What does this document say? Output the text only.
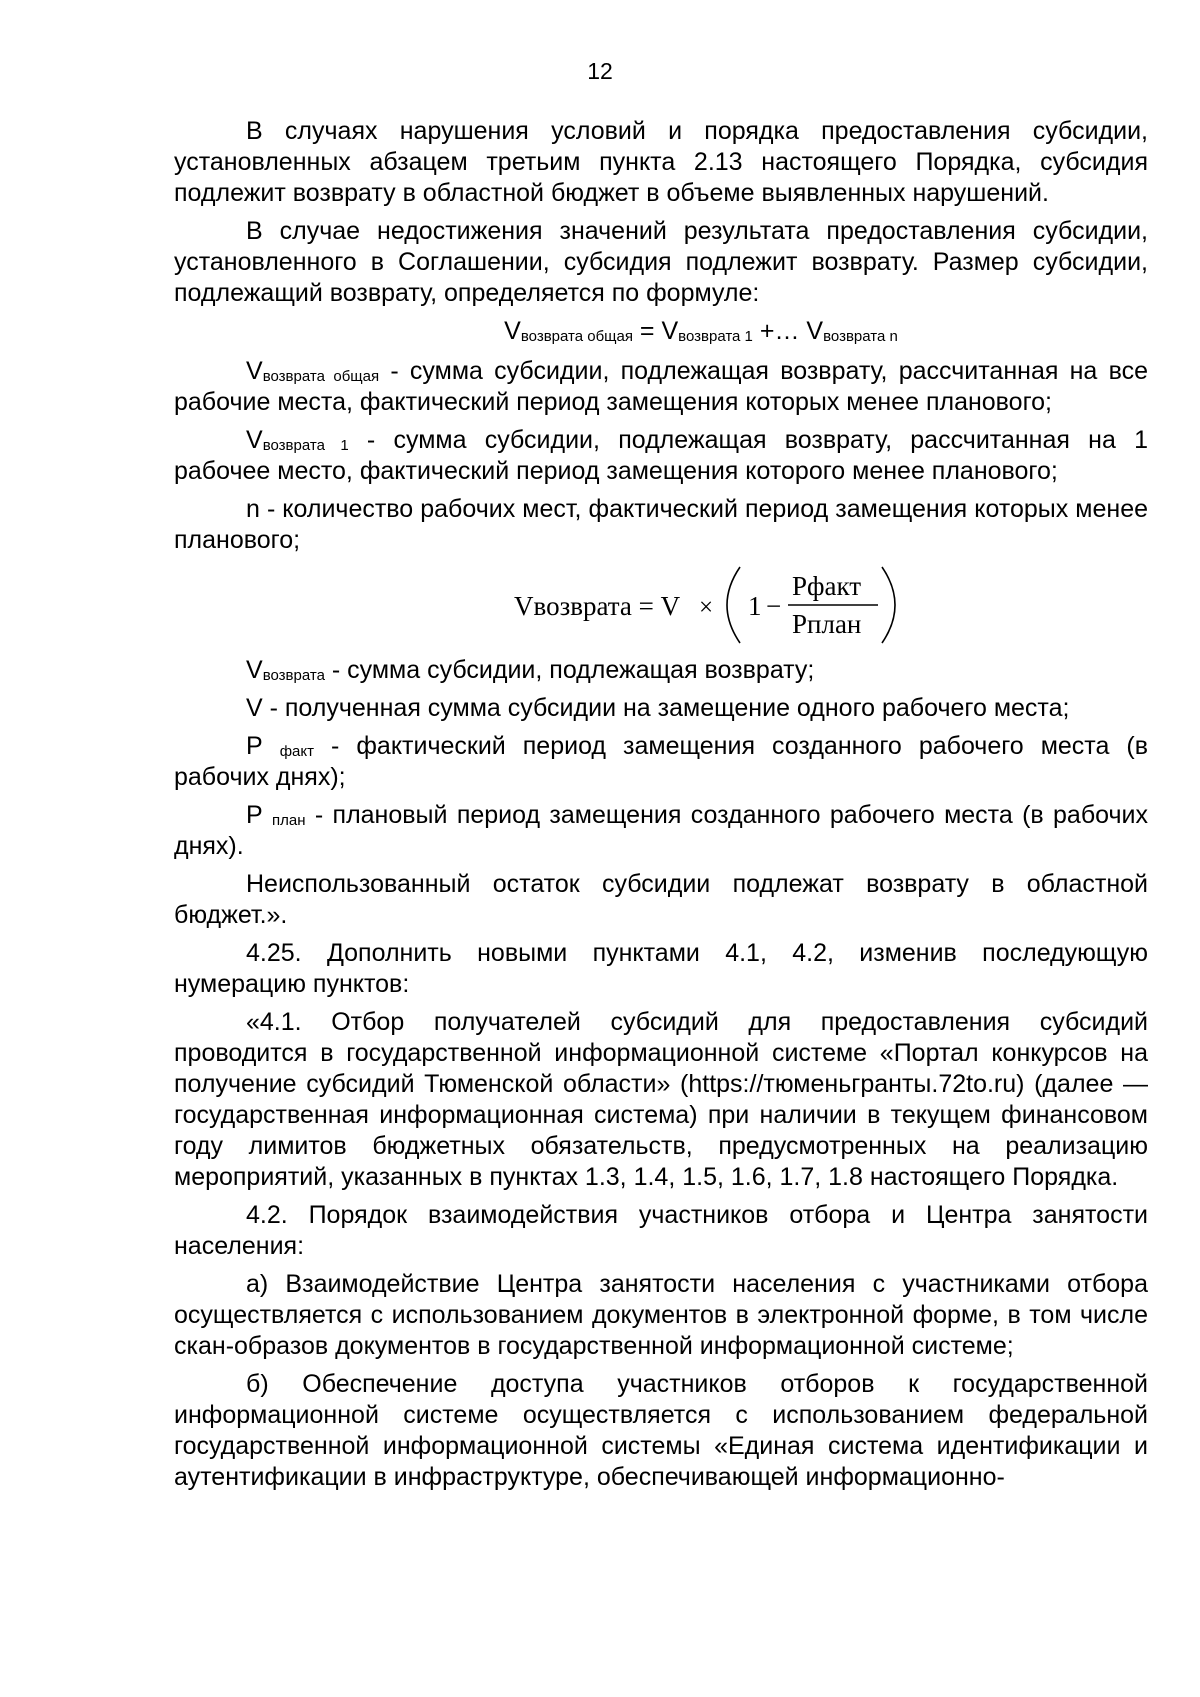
12

В случаях нарушения условий и порядка предоставления субсидии, установленных абзацем третьим пункта 2.13 настоящего Порядка, субсидия подлежит возврату в областной бюджет в объеме выявленных нарушений.

В случае недостижения значений результата предоставления субсидии, установленного в Соглашении, субсидия подлежит возврату. Размер субсидии, подлежащий возврату, определяется по формуле:

$V_{возврата общая} = V_{возврата 1}$ +… $V_{возврата n}$

$V_{возврата общая}$ - сумма субсидии, подлежащая возврату, рассчитанная на все рабочие места, фактический период замещения которых менее планового;

$V_{возврата 1}$ - сумма субсидии, подлежащая возврату, рассчитанная на 1 рабочее место, фактический период замещения которого менее планового;

n - количество рабочих мест, фактический период замещения которых менее планового;

Vвозврата = V × 1 −
Pфакт
Pплан

$V_{возврата}$ - сумма субсидии, подлежащая возврату;

V - полученная сумма субсидии на замещение одного рабочего места;

Р $_{факт}$ - фактический период замещения созданного рабочего места (в рабочих днях);

Р $_{план}$ - плановый период замещения созданного рабочего места (в рабочих днях).

Неиспользованный остаток субсидии подлежат возврату в областной бюджет.».

4.25. Дополнить новыми пунктами 4.1, 4.2, изменив последующую нумерацию пунктов:

«4.1. Отбор получателей субсидий для предоставления субсидий проводится в государственной информационной системе «Портал конкурсов на получение субсидий Тюменской области» (https://тюменьгранты.72to.ru) (далее — государственная информационная система) при наличии в текущем финансовом году лимитов бюджетных обязательств, предусмотренных на реализацию мероприятий, указанных в пунктах 1.3, 1.4, 1.5, 1.6, 1.7, 1.8 настоящего Порядка.

4.2. Порядок взаимодействия участников отбора и Центра занятости населения:

а) Взаимодействие Центра занятости населения с участниками отбора осуществляется с использованием документов в электронной форме, в том числе скан-образов документов в государственной информационной системе;

б) Обеспечение доступа участников отборов к государственной информационной системе осуществляется с использованием федеральной государственной информационной системы «Единая система идентификации и аутентификации в инфраструктуре, обеспечивающей информационно-
